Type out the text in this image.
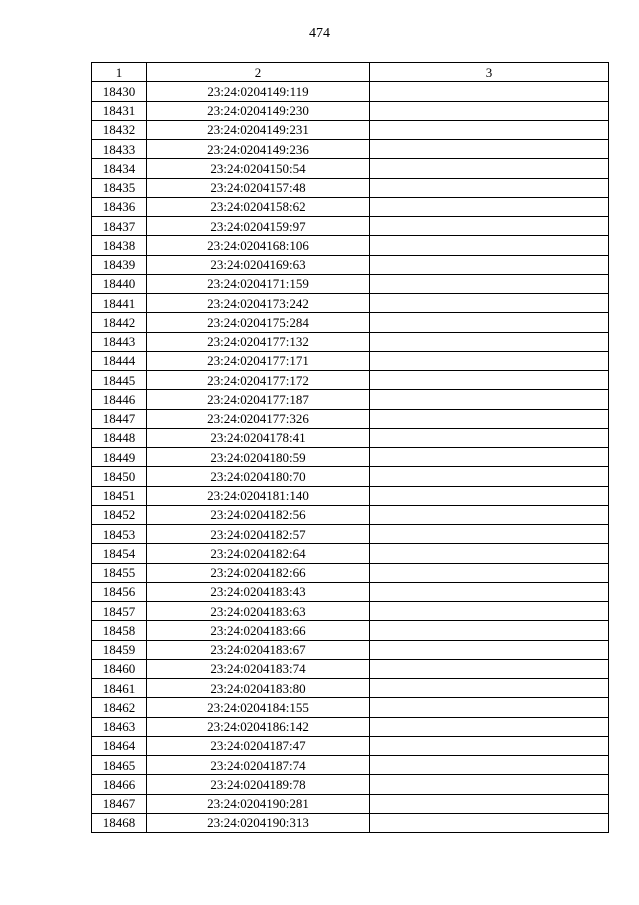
474
1	2	3
18430	23:24:0204149:119	
18431	23:24:0204149:230	
18432	23:24:0204149:231	
18433	23:24:0204149:236	
18434	23:24:0204150:54	
18435	23:24:0204157:48	
18436	23:24:0204158:62	
18437	23:24:0204159:97	
18438	23:24:0204168:106	
18439	23:24:0204169:63	
18440	23:24:0204171:159	
18441	23:24:0204173:242	
18442	23:24:0204175:284	
18443	23:24:0204177:132	
18444	23:24:0204177:171	
18445	23:24:0204177:172	
18446	23:24:0204177:187	
18447	23:24:0204177:326	
18448	23:24:0204178:41	
18449	23:24:0204180:59	
18450	23:24:0204180:70	
18451	23:24:0204181:140	
18452	23:24:0204182:56	
18453	23:24:0204182:57	
18454	23:24:0204182:64	
18455	23:24:0204182:66	
18456	23:24:0204183:43	
18457	23:24:0204183:63	
18458	23:24:0204183:66	
18459	23:24:0204183:67	
18460	23:24:0204183:74	
18461	23:24:0204183:80	
18462	23:24:0204184:155	
18463	23:24:0204186:142	
18464	23:24:0204187:47	
18465	23:24:0204187:74	
18466	23:24:0204189:78	
18467	23:24:0204190:281	
18468	23:24:0204190:313	
